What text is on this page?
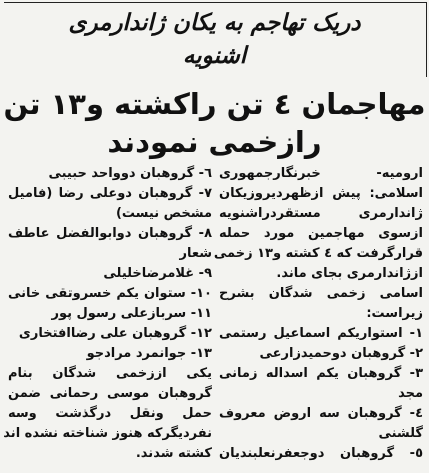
دریک تهاجم به یکان ژاندارمری
اشنویه
مهاجمان ٤ تن راکشته و١٣ تن
رازخمی نمودند
ارومیه- خبرنگارجمهوری
اسلامی: پیش ازظهردیروزیکان
ژاندارمری مستقردراشنویه
ازسوی مهاجمین مورد حمله
قرارگرفت که ٤ کشته و١٣ زخمی
ازژاندارمری بجای ماند.
اسامی زخمی شدگان بشرح
زیراست:
١- استواریکم اسماعیل رستمی
٢- گروهبان دوحمیدزارعی
٣- گروهبان یکم اسداله زمانی
مجد
٤- گروهبان سه اروض معروف
گلشنی
٥- گروهبان دوجعفرنعلبندیان
٦- گروهبان دوواحد حبیبی
٧- گروهبان دوعلی رضا (فامیل
مشخص نیست)
٨- گروهبان دوابوالفضل عاطف
شعار
٩- غلامرضاخلیلی
١٠- ستوان یکم خسروتقی خانی
١١- سربازعلی رسول پور
١٢- گروهبان علی رضاافتخاری
١٣- جوانمرد مرادجو
یکی اززخمی شدگان بنام
گروهبان موسی رحمانی ضمن
حمل ونقل درگذشت وسه
نفردیگرکه هنوز شناخته نشده اند
کشته شدند.
